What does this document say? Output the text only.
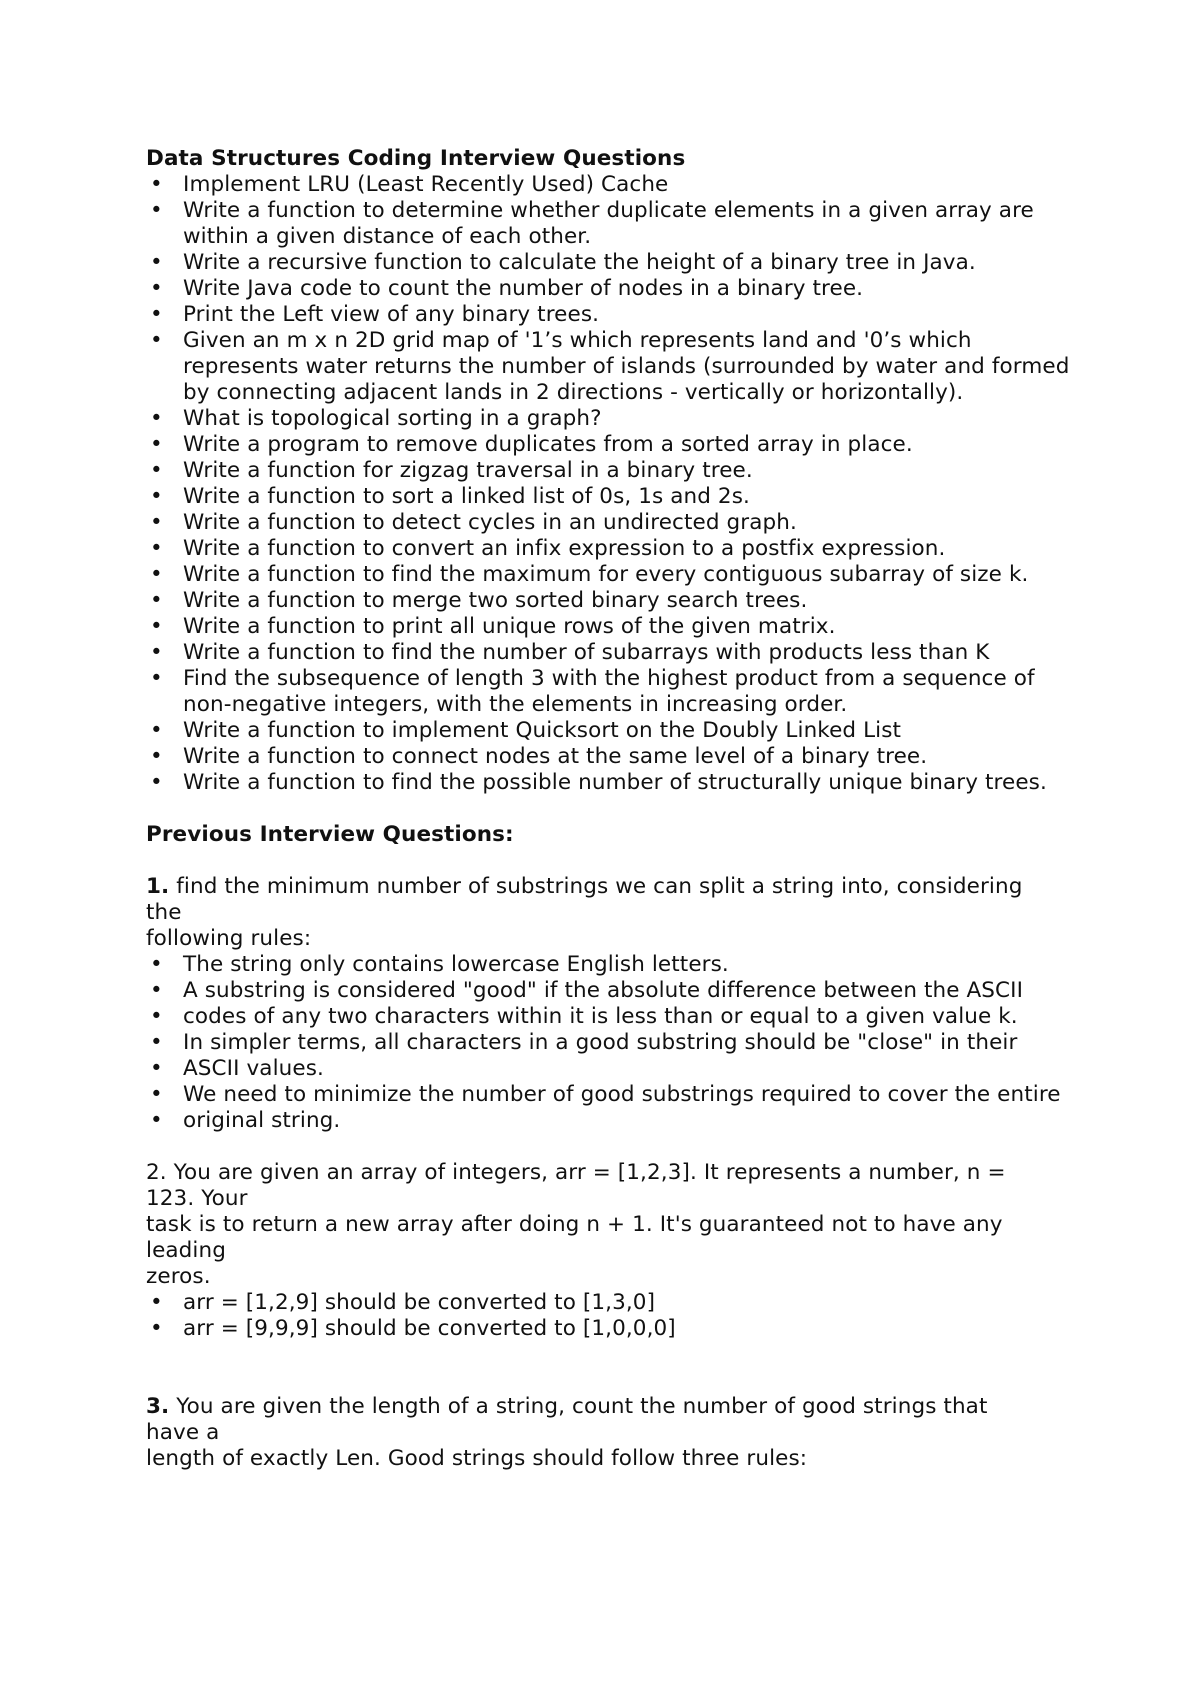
Data Structures Coding Interview Questions

• Implement LRU (Least Recently Used) Cache
• Write a function to determine whether duplicate elements in a given array are within a given distance of each other.
• Write a recursive function to calculate the height of a binary tree in Java.
• Write Java code to count the number of nodes in a binary tree.
• Print the Left view of any binary trees.
• Given an m x n 2D grid map of '1’s which represents land and '0’s which represents water returns the number of islands (surrounded by water and formed by connecting adjacent lands in 2 directions - vertically or horizontally).
• What is topological sorting in a graph?
• Write a program to remove duplicates from a sorted array in place.
• Write a function for zigzag traversal in a binary tree.
• Write a function to sort a linked list of 0s, 1s and 2s.
• Write a function to detect cycles in an undirected graph.
• Write a function to convert an infix expression to a postfix expression.
• Write a function to find the maximum for every contiguous subarray of size k.
• Write a function to merge two sorted binary search trees.
• Write a function to print all unique rows of the given matrix.
• Write a function to find the number of subarrays with products less than K
• Find the subsequence of length 3 with the highest product from a sequence of non-negative integers, with the elements in increasing order.
• Write a function to implement Quicksort on the Doubly Linked List
• Write a function to connect nodes at the same level of a binary tree.
• Write a function to find the possible number of structurally unique binary trees.

Previous Interview Questions:

1. find the minimum number of substrings we can split a string into, considering

the

following rules:

• The string only contains lowercase English letters.
• A substring is considered "good" if the absolute difference between the ASCII
• codes of any two characters within it is less than or equal to a given value k.
• In simpler terms, all characters in a good substring should be "close" in their
• ASCII values.
• We need to minimize the number of good substrings required to cover the entire
• original string.

2. You are given an array of integers, arr = [1,2,3]. It represents a number, n =

123. Your

task is to return a new array after doing n + 1. It's guaranteed not to have any

leading

zeros.

• arr = [1,2,9] should be converted to [1,3,0]
• arr = [9,9,9] should be converted to [1,0,0,0]

3. You are given the length of a string, count the number of good strings that

have a

length of exactly Len. Good strings should follow three rules:
